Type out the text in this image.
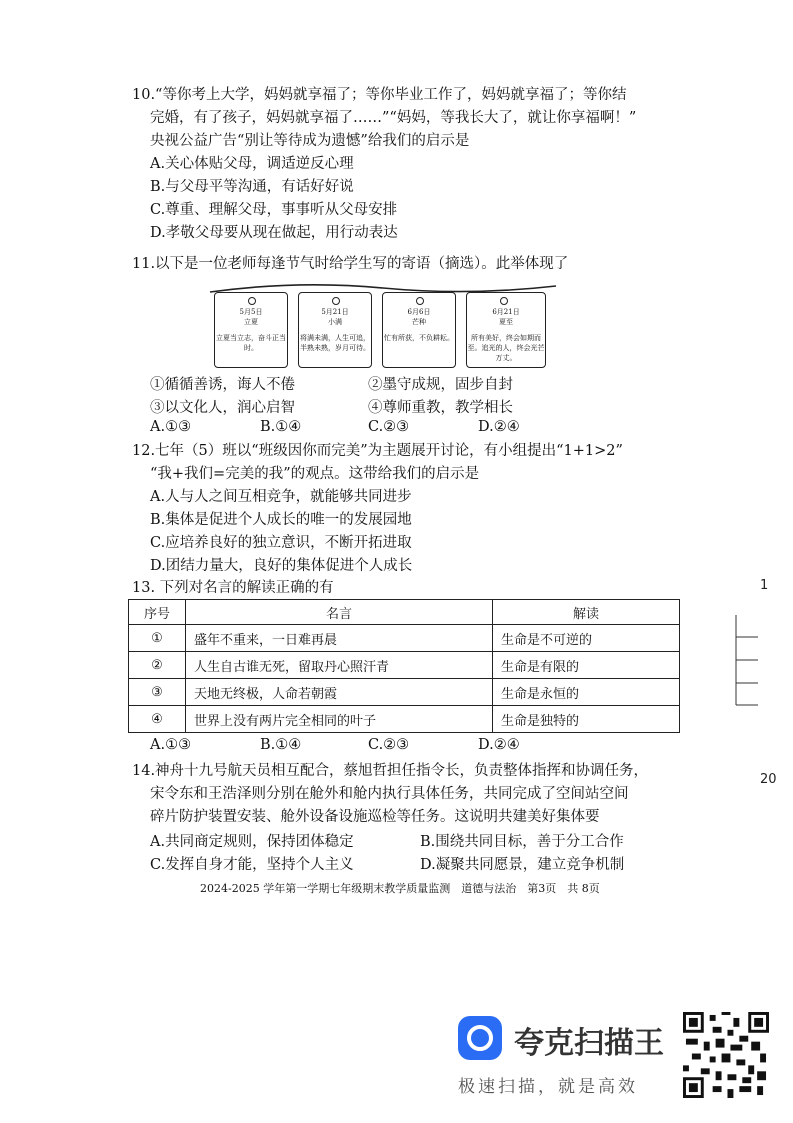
10.“等你考上大学，妈妈就享福了；等你毕业工作了，妈妈就享福了；等你结

完婚，有了孩子，妈妈就享福了……”“妈妈，等我长大了，就让你享福啊！”

央视公益广告“别让等待成为遗憾”给我们的启示是

A.关心体贴父母，调适逆反心理
B.与父母平等沟通，有话好好说
C.尊重、理解父母，事事听从父母安排
D.孝敬父母要从现在做起，用行动表达

11.以下是一位老师每逢节气时给学生写的寄语（摘选）。此举体现了

5月5日
立夏
立夏当立志，奋斗正当时。
5月21日
小满
将满未满，人生可追，半熟未熟，岁月可待。
6月6日
芒种
忙有所获，不负耕耘。
6月21日
夏至
所有美好，终会如期而至。追光的人，终会光芒万丈。
①循循善诱，诲人不倦	②墨守成规，固步自封
③以文化人，润心启智	④尊师重教，教学相长
A.①③	B.①④	C.②③	D.②④

12.七年（5）班以“班级因你而完美”为主题展开讨论，有小组提出“1+1>2”

“我+我们=完美的我”的观点。这带给我们的启示是

A.人与人之间互相竞争，就能够共同进步
B.集体是促进个人成长的唯一的发展园地
C.应培养良好的独立意识，不断开拓进取
D.团结力量大，良好的集体促进个人成长

13. 下列对名言的解读正确的有

序号	名言	解读
①	盛年不重来，一日难再晨	生命是不可逆的
②	人生自古谁无死，留取丹心照汗青	生命是有限的
③	天地无终极，人命若朝霞	生命是永恒的
④	世界上没有两片完全相同的叶子	生命是独特的
A.①③	B.①④	C.②③	D.②④

14.神舟十九号航天员相互配合，蔡旭哲担任指令长，负责整体指挥和协调任务，

宋令东和王浩泽则分别在舱外和舱内执行具体任务，共同完成了空间站空间

碎片防护装置安装、舱外设备设施巡检等任务。这说明共建美好集体要

A.共同商定规则，保持团体稳定	B.围绕共同目标，善于分工合作
C.发挥自身才能，坚持个人主义	D.凝聚共同愿景，建立竞争机制
2024-2025 学年第一学期七年级期末教学质量监测　道德与法治　第3页　共 8页
1
20
夸克扫描王
极速扫描，就是高效
